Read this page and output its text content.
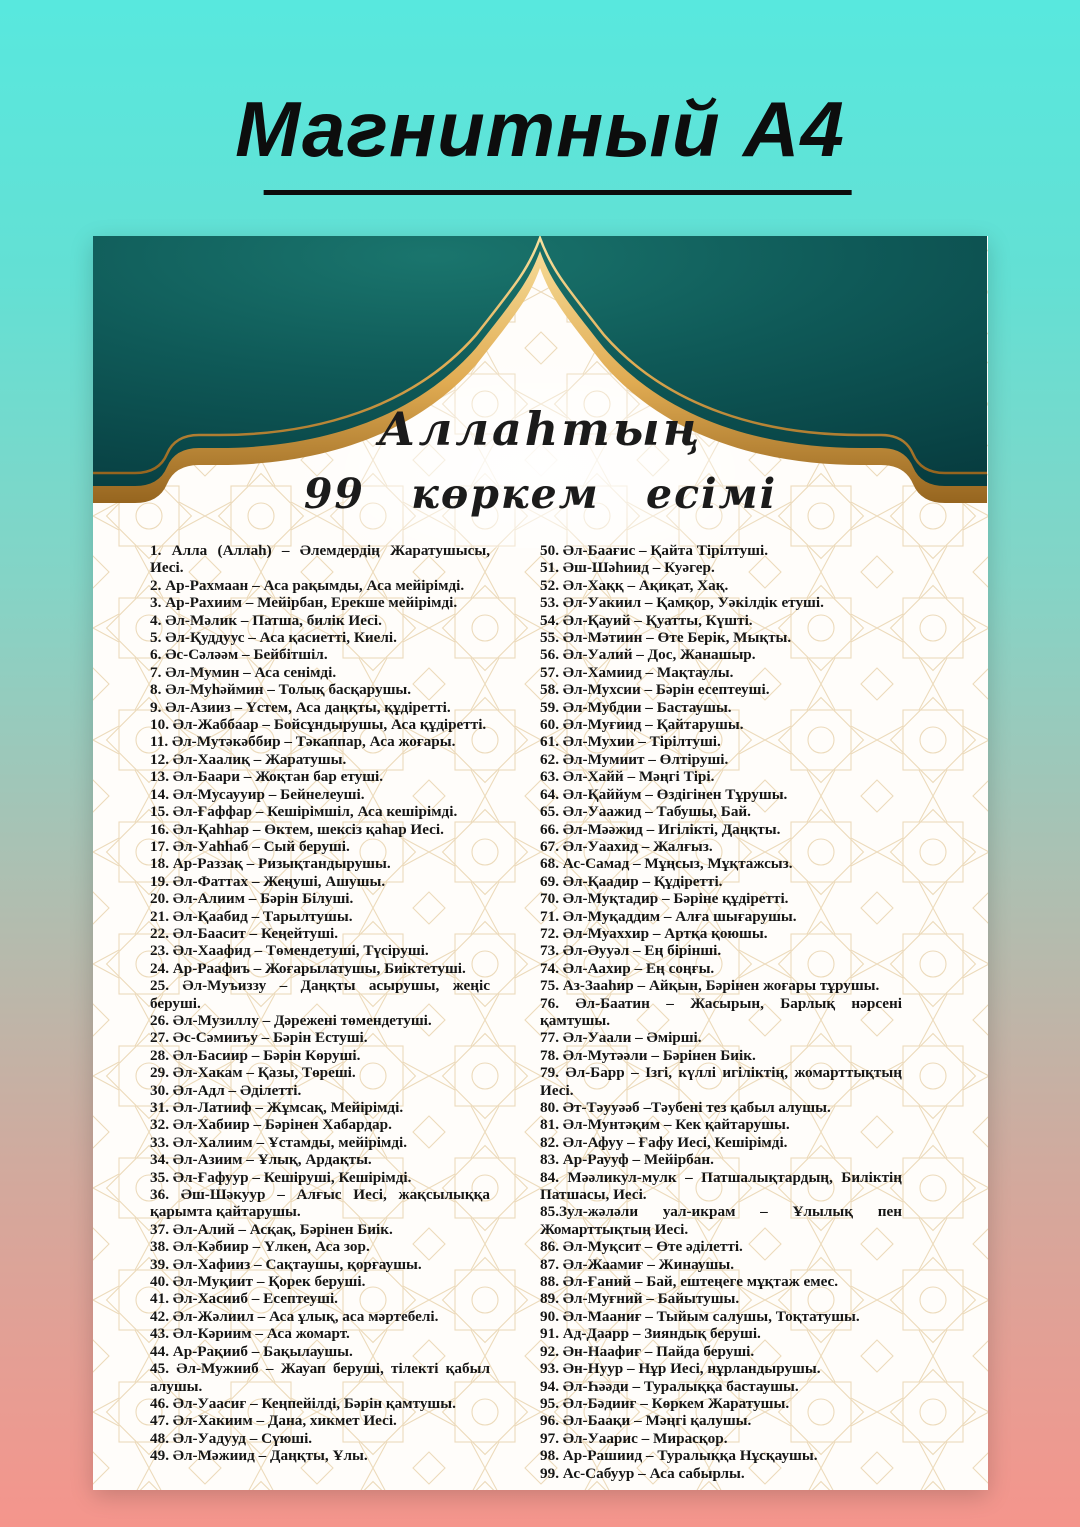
Магнитный А4
Аллаһтың
99 көркем есімі
1. Алла (Аллаһ) – Әлемдердің Жаратушысы, Иесі.
2. Ар-Рахмаан – Аса рақымды, Аса мейірімді.
3. Ар-Рахиим – Мейірбан, Ерекше мейірімді.
4. Әл-Мәлик – Патша, билік Иесі.
5. Әл-Қуддуус – Аса қасиетті, Киелі.
6. Әс-Сәләәм – Бейбітшіл.
7. Әл-Мумин – Аса сенімді.
8. Әл-Муһәймин – Толық басқарушы.
9. Әл-Азииз – Үстем, Аса даңқты, құдіретті.
10. Әл-Жаббаар – Бойсұндырушы, Аса құдіретті.
11. Әл-Мутәкәббир – Тәкаппар, Аса жоғары.
12. Әл-Хаалиқ – Жаратушы.
13. Әл-Баари – Жоқтан бар етуші.
14. Әл-Мусаууир – Бейнелеуші.
15. Әл-Ғаффар – Кешірімшіл, Аса кешірімді.
16. Әл-Қаһһар – Өктем, шексіз қаһар Иесі.
17. Әл-Уаһһаб – Сый беруші.
18. Ар-Раззақ – Ризықтандырушы.
19. Әл-Фаттах – Жеңуші, Ашушы.
20. Әл-Алиим – Бәрін Білуші.
21. Әл-Қаабид – Тарылтушы.
22. Әл-Баасит – Кеңейтуші.
23. Әл-Хаафид – Төмендетуші, Түсіруші.
24. Ар-Раафиъ – Жоғарылатушы, Биіктетуші.
25. Әл-Муъиззу – Даңқты асырушы, жеңіс беруші.
26. Әл-Музиллу – Дәрежені төмендетуші.
27. Әс-Сәмииъу – Бәрін Естуші.
28. Әл-Басиир – Бәрін Көруші.
29. Әл-Хакам – Қазы, Төреші.
30. Әл-Адл – Әділетті.
31. Әл-Латииф – Жұмсақ, Мейірімді.
32. Әл-Хабиир – Бәрінен Хабардар.
33. Әл-Халиим – Ұстамды, мейірімді.
34. Әл-Азиим – Ұлық, Ардақты.
35. Әл-Ғафуур – Кешіруші, Кешірімді.
36. Әш-Шәкуур – Алғыс Иесі, жақсылыққа қарымта қайтарушы.
37. Әл-Алий – Асқақ, Бәрінен Биік.
38. Әл-Кәбиир – Үлкен, Аса зор.
39. Әл-Хафииз – Сақтаушы, қорғаушы.
40. Әл-Муқиит – Қорек беруші.
41. Әл-Хасииб – Есептеуші.
42. Әл-Жәлиил – Аса ұлық, аса мәртебелі.
43. Әл-Кәриим – Аса жомарт.
44. Ар-Рақииб – Бақылаушы.
45. Әл-Мужииб – Жауап беруші, тілекті қабыл алушы.
46. Әл-Уаасиғ – Кеңпейілді, Бәрін қамтушы.
47. Әл-Хакиим – Дана, хикмет Иесі.
48. Әл-Уадууд – Сүюші.
49. Әл-Мәжиид – Даңқты, Ұлы.
50. Әл-Баағис – Қайта Тірілтуші.
51. Әш-Шәһиид – Куәгер.
52. Әл-Хаққ – Ақиқат, Хақ.
53. Әл-Уакиил – Қамқор, Уәкілдік етуші.
54. Әл-Қауий – Қуатты, Күшті.
55. Әл-Мәтиин – Өте Берік, Мықты.
56. Әл-Уалий – Дос, Жанашыр.
57. Әл-Хамиид – Мақтаулы.
58. Әл-Мухсии – Бәрін есептеуші.
59. Әл-Мубдии – Бастаушы.
60. Әл-Муғиид – Қайтарушы.
61. Әл-Мухии – Тірілтуші.
62. Әл-Мумиит – Өлтіруші.
63. Әл-Хайй – Мәңгі Тірі.
64. Әл-Қаййум – Өздігінен Тұрушы.
65. Әл-Уаажид – Табушы, Бай.
66. Әл-Мәәжид – Игілікті, Даңқты.
67. Әл-Уаахид – Жалғыз.
68. Ас-Самад – Мұңсыз, Мұқтажсыз.
69. Әл-Қаадир – Құдіретті.
70. Әл-Муқтадир – Бәріне құдіретті.
71. Әл-Муқаддим – Алға шығарушы.
72. Әл-Муаххир – Артқа қоюшы.
73. Әл-Әууәл – Ең бірінші.
74. Әл-Аахир – Ең соңғы.
75. Аз-Зааһир – Айқын, Бәрінен жоғары тұрушы.
76. Әл-Баатин – Жасырын, Барлық нәрсені қамтушы.
77. Әл-Уаали – Әмірші.
78. Әл-Мутәәли – Бәрінен Биік.
79. Әл-Барр – Ізгі, күллі игіліктің, жомарттықтың Иесі.
80. Әт-Тәууәәб –Тәубені тез қабыл алушы.
81. Әл-Мунтәқим – Кек қайтарушы.
82. Әл-Афуу – Ғафу Иесі, Кешірімді.
83. Ар-Раууф – Мейірбан.
84. Мәәликул-мулк – Патшалықтардың, Биліктің Патшасы, Иесі.
85.Зул-жәләли уал-икрам – Ұлылық пен Жомарттықтың Иесі.
86. Әл-Муқсит – Өте әділетті.
87. Әл-Жаамиғ – Жинаушы.
88. Әл-Ғаний – Бай, ештеңеге мұқтаж емес.
89. Әл-Муғний – Байытушы.
90. Әл-Мааниғ – Тыйым салушы, Тоқтатушы.
91. Ад-Даарр – Зияндық беруші.
92. Ән-Наафиғ – Пайда беруші.
93. Ән-Нуур – Нұр Иесі, нұрландырушы.
94. Әл-Һәәди – Туралыққа бастаушы.
95. Әл-Бәдииғ – Көркем Жаратушы.
96. Әл-Баақи – Мәңгі қалушы.
97. Әл-Уаарис – Мирасқор.
98. Ар-Рашиид – Туралыққа Нұсқаушы.
99. Ас-Сабуур – Аса сабырлы.
